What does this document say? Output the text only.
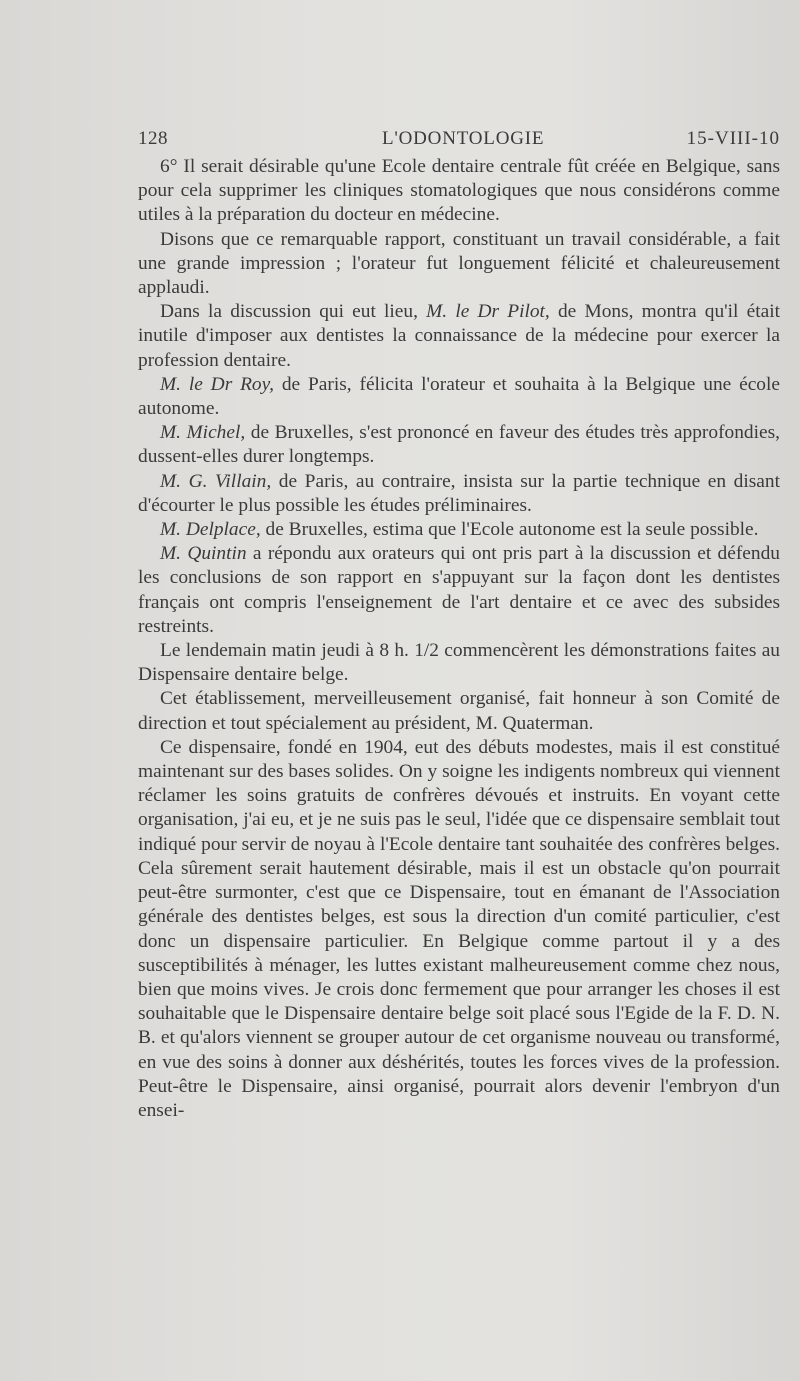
128	L'ODONTOLOGIE	15-VIII-10

6° Il serait désirable qu'une Ecole dentaire centrale fût créée en Belgique, sans pour cela supprimer les cliniques stomatologiques que nous considérons comme utiles à la préparation du docteur en médecine.

Disons que ce remarquable rapport, constituant un travail considérable, a fait une grande impression ; l'orateur fut longuement félicité et chaleureusement applaudi.

Dans la discussion qui eut lieu, M. le Dr Pilot, de Mons, montra qu'il était inutile d'imposer aux dentistes la connaissance de la médecine pour exercer la profession dentaire.

M. le Dr Roy, de Paris, félicita l'orateur et souhaita à la Belgique une école autonome.

M. Michel, de Bruxelles, s'est prononcé en faveur des études très approfondies, dussent-elles durer longtemps.

M. G. Villain, de Paris, au contraire, insista sur la partie technique en disant d'écourter le plus possible les études préliminaires.

M. Delplace, de Bruxelles, estima que l'Ecole autonome est la seule possible.

M. Quintin a répondu aux orateurs qui ont pris part à la discussion et défendu les conclusions de son rapport en s'appuyant sur la façon dont les dentistes français ont compris l'enseignement de l'art dentaire et ce avec des subsides restreints.

Le lendemain matin jeudi à 8 h. 1/2 commencèrent les démonstrations faites au Dispensaire dentaire belge.

Cet établissement, merveilleusement organisé, fait honneur à son Comité de direction et tout spécialement au président, M. Quaterman.

Ce dispensaire, fondé en 1904, eut des débuts modestes, mais il est constitué maintenant sur des bases solides. On y soigne les indigents nombreux qui viennent réclamer les soins gratuits de confrères dévoués et instruits. En voyant cette organisation, j'ai eu, et je ne suis pas le seul, l'idée que ce dispensaire semblait tout indiqué pour servir de noyau à l'Ecole dentaire tant souhaitée des confrères belges. Cela sûrement serait hautement désirable, mais il est un obstacle qu'on pourrait peut-être surmonter, c'est que ce Dispensaire, tout en émanant de l'Association générale des dentistes belges, est sous la direction d'un comité particulier, c'est donc un dispensaire particulier. En Belgique comme partout il y a des susceptibilités à ménager, les luttes existant malheureusement comme chez nous, bien que moins vives. Je crois donc fermement que pour arranger les choses il est souhaitable que le Dispensaire dentaire belge soit placé sous l'Egide de la F. D. N. B. et qu'alors viennent se grouper autour de cet organisme nouveau ou transformé, en vue des soins à donner aux déshérités, toutes les forces vives de la profession. Peut-être le Dispensaire, ainsi organisé, pourrait alors devenir l'embryon d'un ensei-
